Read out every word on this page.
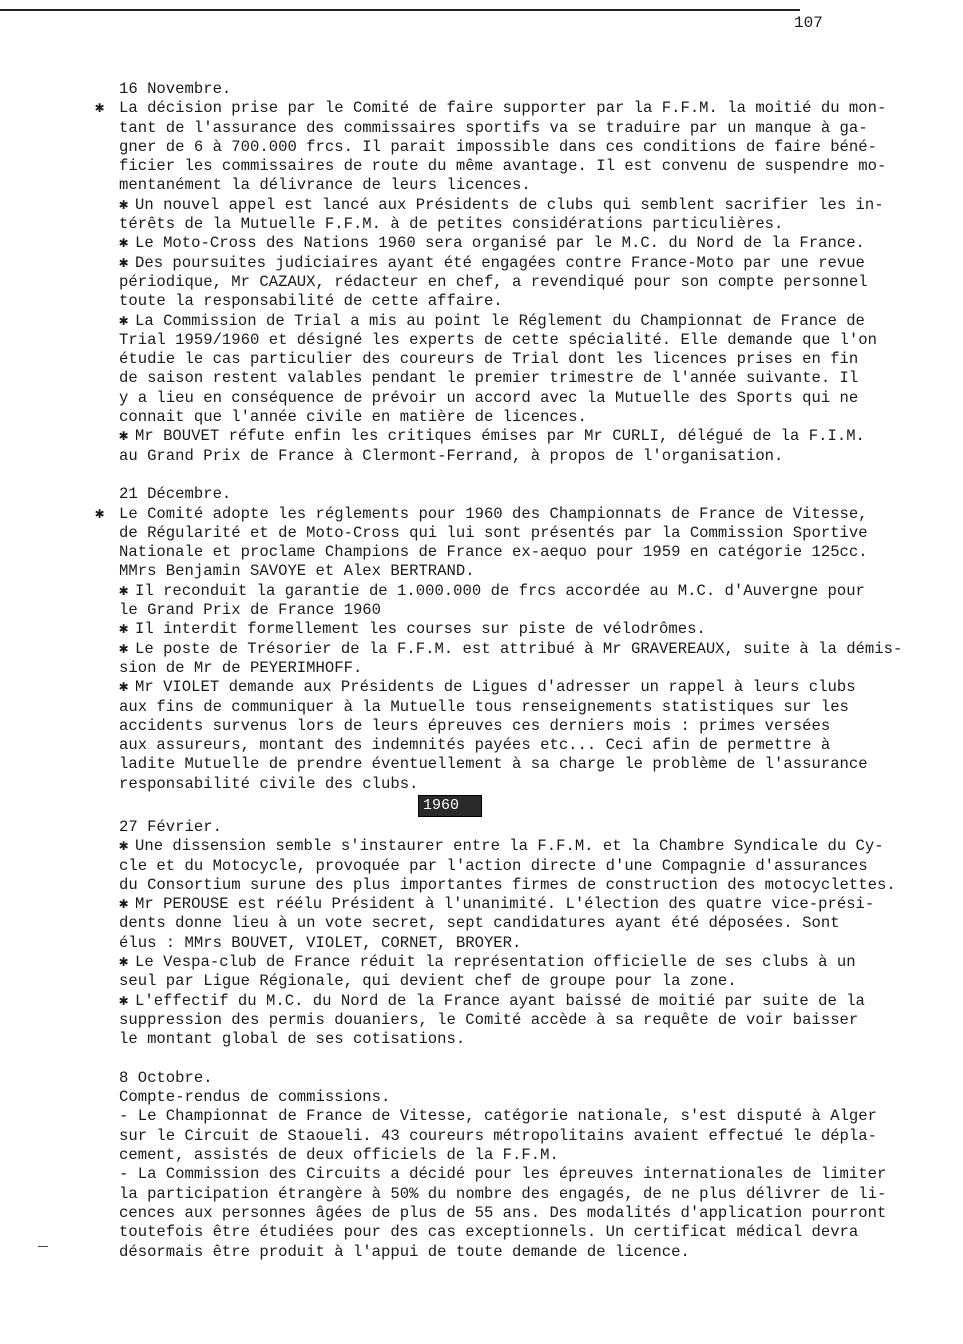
107
16 Novembre.
✱ La décision prise par le Comité de faire supporter par la F.F.M. la moitié du mon-
tant de l'assurance des commissaires sportifs va se traduire par un manque à ga-
gner de 6 à 700.000 frcs. Il parait impossible dans ces conditions de faire béné-
ficier les commissaires de route du même avantage. Il est convenu de suspendre mo-
mentanément la délivrance de leurs licences.
✱ Un nouvel appel est lancé aux Présidents de clubs qui semblent sacrifier les in-
térêts de la Mutuelle F.F.M. à de petites considérations particulières.
✱ Le Moto-Cross des Nations 1960 sera organisé par le M.C. du Nord de la France.
✱ Des poursuites judiciaires ayant été engagées contre France-Moto par une revue
périodique, Mr CAZAUX, rédacteur en chef, a revendiqué pour son compte personnel
toute la responsabilité de cette affaire.
✱ La Commission de Trial a mis au point le Réglement du Championnat de France de
Trial 1959/1960 et désigné les experts de cette spécialité. Elle demande que l'on
étudie le cas particulier des coureurs de Trial dont les licences prises en fin
de saison restent valables pendant le premier trimestre de l'année suivante. Il
y a lieu en conséquence de prévoir un accord avec la Mutuelle des Sports qui ne
connait que l'année civile en matière de licences.
✱ Mr BOUVET réfute enfin les critiques émises par Mr CURLI, délégué de la F.I.M.
au Grand Prix de France à Clermont-Ferrand, à propos de l'organisation.
21 Décembre.
✱ Le Comité adopte les réglements pour 1960 des Championnats de France de Vitesse,
de Régularité et de Moto-Cross qui lui sont présentés par la Commission Sportive
Nationale et proclame Champions de France ex-aequo pour 1959 en catégorie 125cc.
MMrs Benjamin SAVOYE et Alex BERTRAND.
✱ Il reconduit la garantie de 1.000.000 de frcs accordée au M.C. d'Auvergne pour
le Grand Prix de France 1960
✱ Il interdit formellement les courses sur piste de vélodrômes.
✱ Le poste de Trésorier de la F.F.M. est attribué à Mr GRAVEREAUX, suite à la démis-
sion de Mr de PEYERIMHOFF.
✱ Mr VIOLET demande aux Présidents de Ligues d'adresser un rappel à leurs clubs
aux fins de communiquer à la Mutuelle tous renseignements statistiques sur les
accidents survenus lors de leurs épreuves ces derniers mois : primes versées
aux assureurs, montant des indemnités payées etc... Ceci afin de permettre à
ladite Mutuelle de prendre éventuellement à sa charge le problème de l'assurance
responsabilité civile des clubs.
1960
27 Février.
✱ Une dissension semble s'instaurer entre la F.F.M. et la Chambre Syndicale du Cy-
cle et du Motocycle, provoquée par l'action directe d'une Compagnie d'assurances
du Consortium surune des plus importantes firmes de construction des motocyclettes.
✱ Mr PEROUSE est réélu Président à l'unanimité. L'élection des quatre vice-prési-
dents donne lieu à un vote secret, sept candidatures ayant été déposées. Sont
élus : MMrs BOUVET, VIOLET, CORNET, BROYER.
✱ Le Vespa-club de France réduit la représentation officielle de ses clubs à un
seul par Ligue Régionale, qui devient chef de groupe pour la zone.
✱ L'effectif du M.C. du Nord de la France ayant baissé de moitié par suite de la
suppression des permis douaniers, le Comité accède à sa requête de voir baisser
le montant global de ses cotisations.
8 Octobre.
Compte-rendus de commissions.
- Le Championnat de France de Vitesse, catégorie nationale, s'est disputé à Alger
sur le Circuit de Staoueli. 43 coureurs métropolitains avaient effectué le dépla-
cement, assistés de deux officiels de la F.F.M.
- La Commission des Circuits a décidé pour les épreuves internationales de limiter
la participation étrangère à 50% du nombre des engagés, de ne plus délivrer de li-
cences aux personnes âgées de plus de 55 ans. Des modalités d'application pourront
toutefois être étudiées pour des cas exceptionnels. Un certificat médical devra
désormais être produit à l'appui de toute demande de licence.
